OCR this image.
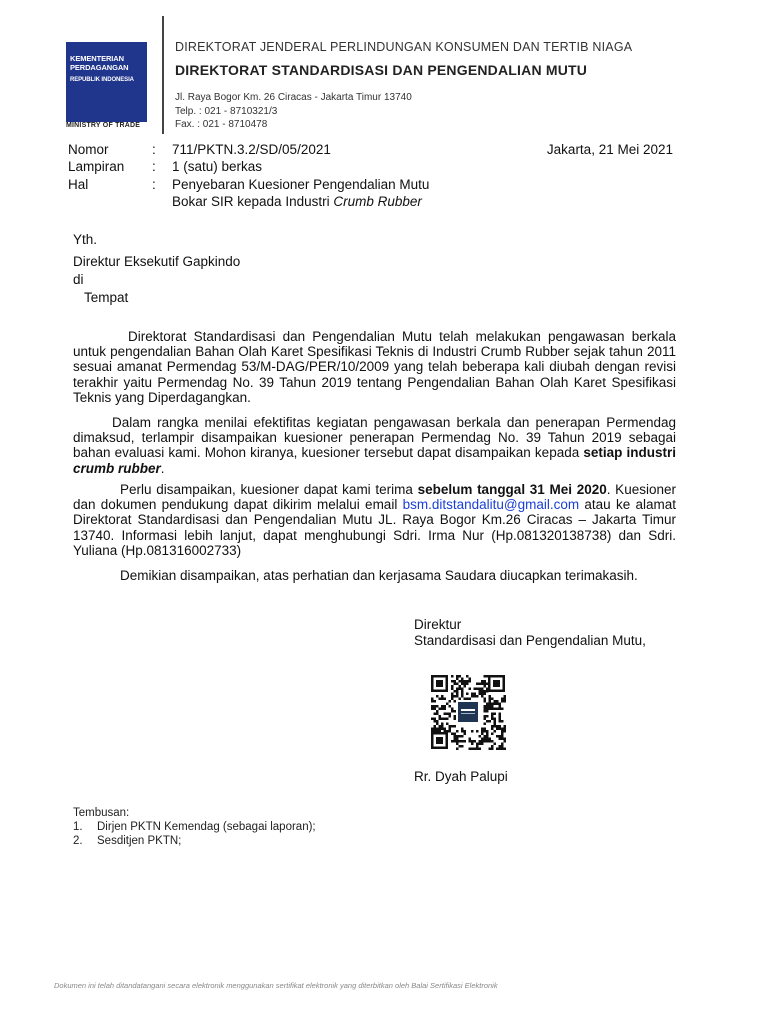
KEMENTERIAN
PERDAGANGAN
REPUBLIK INDONESIA
MINISTRY OF TRADE
DIREKTORAT JENDERAL PERLINDUNGAN KONSUMEN DAN TERTIB NIAGA
DIREKTORAT STANDARDISASI DAN PENGENDALIAN MUTU
Jl. Raya Bogor Km. 26 Ciracas - Jakarta Timur 13740
Telp. : 021 - 8710321/3
Fax. : 021 - 8710478
Nomor	: 711/PKTN.3.2/SD/05/2021	Jakarta, 21 Mei 2021
Lampiran : 1 (satu) berkas
Hal	: Penyebaran Kuesioner Pengendalian Mutu
Bokar SIR kepada Industri Crumb Rubber
Yth.
Direktur Eksekutif Gapkindo
di
Tempat

Direktorat Standardisasi dan Pengendalian Mutu telah melakukan pengawasan berkala untuk pengendalian Bahan Olah Karet Spesifikasi Teknis di Industri Crumb Rubber sejak tahun 2011 sesuai amanat Permendag 53/M-DAG/PER/10/2009 yang telah beberapa kali diubah dengan revisi terakhir yaitu Permendag No. 39 Tahun 2019 tentang Pengendalian Bahan Olah Karet Spesifikasi Teknis yang Diperdagangkan.

Dalam rangka menilai efektifitas kegiatan pengawasan berkala dan penerapan Permendag dimaksud, terlampir disampaikan kuesioner penerapan Permendag No. 39 Tahun 2019 sebagai bahan evaluasi kami. Mohon kiranya, kuesioner tersebut dapat disampaikan kepada setiap industri crumb rubber.

Perlu disampaikan, kuesioner dapat kami terima sebelum tanggal 31 Mei 2020. Kuesioner dan dokumen pendukung dapat dikirim melalui email bsm.ditstandalitu@gmail.com atau ke alamat Direktorat Standardisasi dan Pengendalian Mutu JL. Raya Bogor Km.26 Ciracas – Jakarta Timur 13740. Informasi lebih lanjut, dapat menghubungi Sdri. Irma Nur (Hp.081320138738) dan Sdri. Yuliana (Hp.081316002733)

Demikian disampaikan, atas perhatian dan kerjasama Saudara diucapkan terimakasih.

Direktur
Standardisasi dan Pengendalian Mutu,
Rr. Dyah Palupi
Tembusan:
1. Dirjen PKTN Kemendag (sebagai laporan);
2. Sesditjen PKTN;
Dokumen ini telah ditandatangani secara elektronik menggunakan sertifikat elektronik yang diterbitkan oleh Balai Sertifikasi Elektronik
